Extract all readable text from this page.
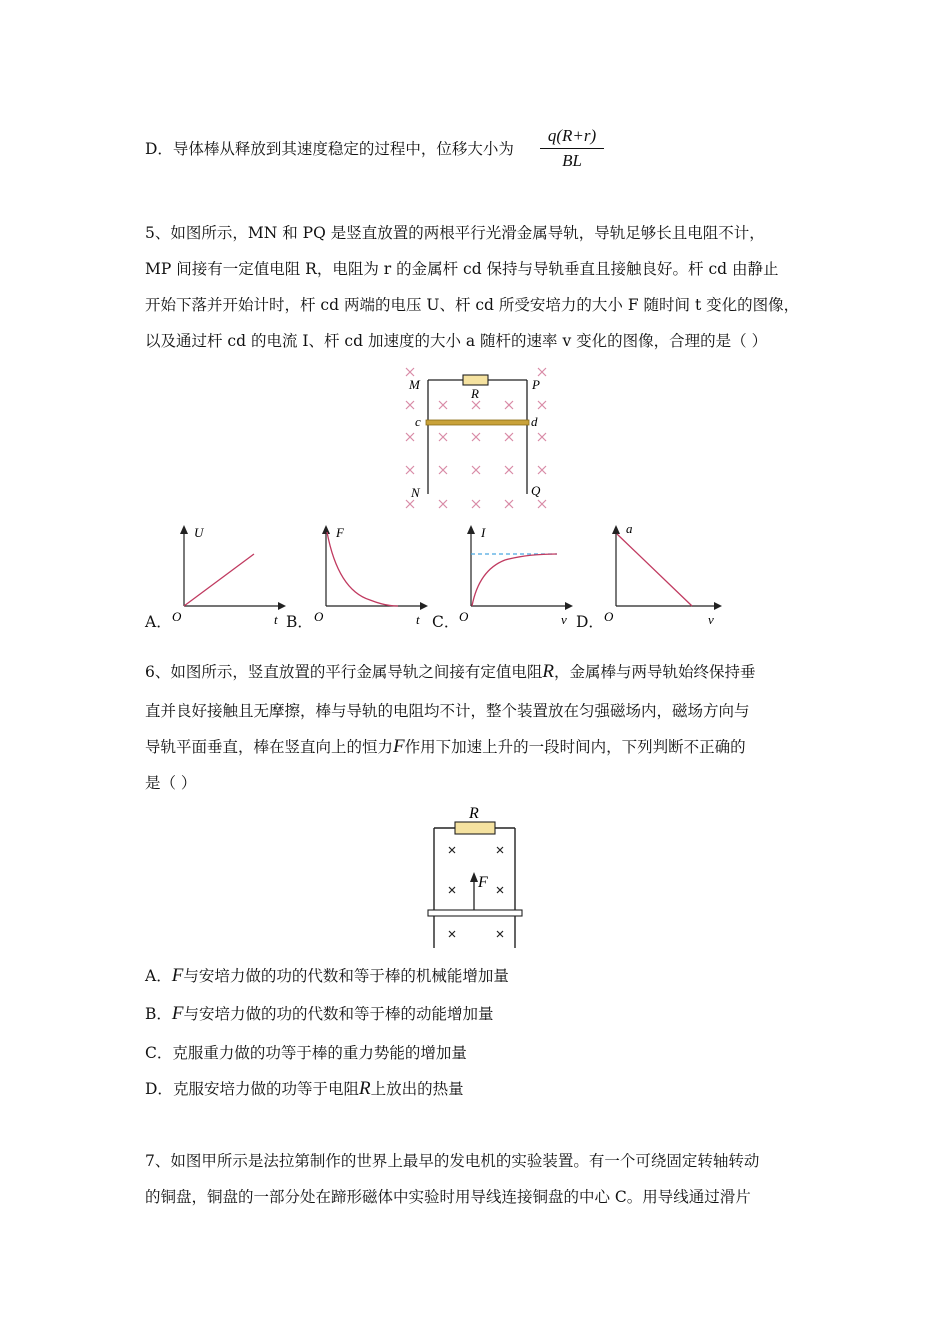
D．导体棒从释放到其速度稳定的过程中，位移大小为
q(R+r)
BL
5、如图所示，MN 和 PQ 是竖直放置的两根平行光滑金属导轨，导轨足够长且电阻不计，
MP 间接有一定值电阻 R，电阻为 r 的金属杆 cd 保持与导轨垂直且接触良好。杆 cd 由静止
开始下落并开始计时，杆 cd 两端的电压 U、杆 cd 所受安培力的大小 F 随时间 t 变化的图像，
以及通过杆 cd 的电流 I、杆 cd 加速度的大小 a 随杆的速率 v 变化的图像，合理的是（ ）
M	P
R
c	d
N	Q
A．	B．	C．	D．
U
O	t
F
O	t
I
O	v
a
O	v
6、如图所示，竖直放置的平行金属导轨之间接有定值电阻R，金属棒与两导轨始终保持垂
直并良好接触且无摩擦，棒与导轨的电阻均不计，整个装置放在匀强磁场内，磁场方向与
导轨平面垂直，棒在竖直向上的恒力F作用下加速上升的一段时间内，下列判断不正确的
是（ ）
R
F
A．F与安培力做的功的代数和等于棒的机械能增加量
B．F与安培力做的功的代数和等于棒的动能增加量
C．克服重力做的功等于棒的重力势能的增加量
D．克服安培力做的功等于电阻R上放出的热量
7、如图甲所示是法拉第制作的世界上最早的发电机的实验装置。有一个可绕固定转轴转动
的铜盘，铜盘的一部分处在蹄形磁体中实验时用导线连接铜盘的中心 C。用导线通过滑片
